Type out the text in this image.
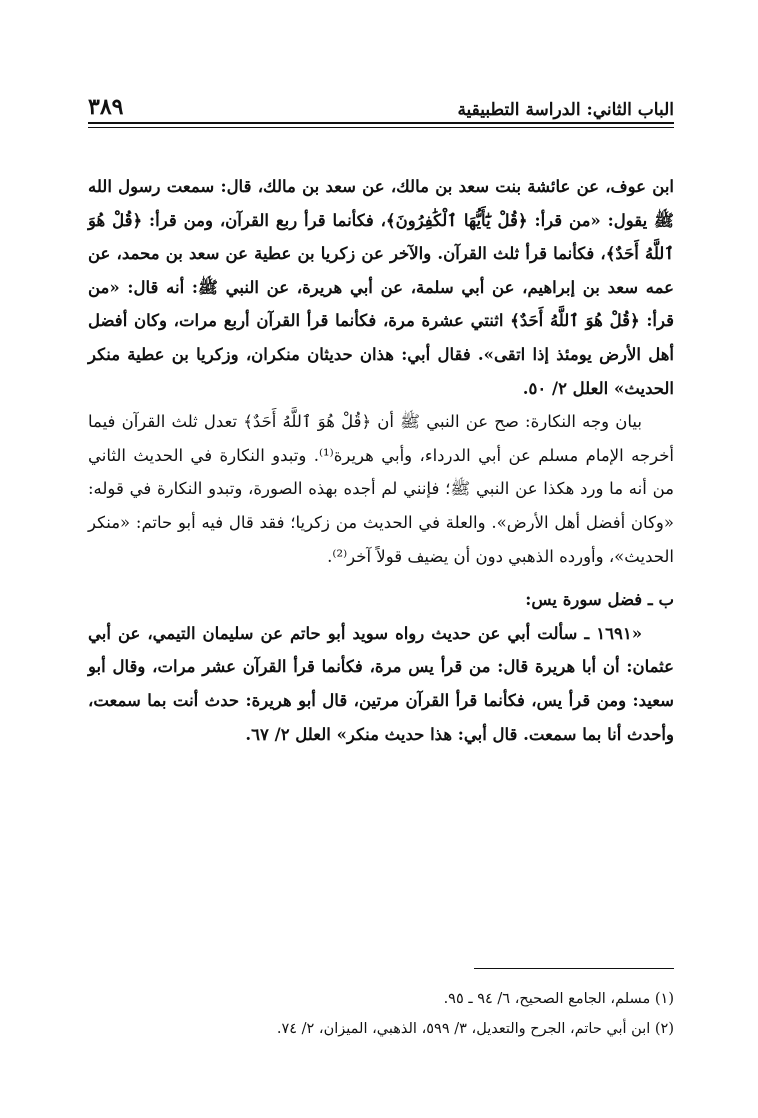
الباب الثاني: الدراسة التطبيقية
٣٨٩

ابن عوف، عن عائشة بنت سعد بن مالك، عن سعد بن مالك، قال: سمعت رسول الله ﷺ يقول: «من قرأ: ﴿قُلْ يَٰٓأَيُّهَا ٱلْكَٰفِرُونَ﴾، فكأنما قرأ ربع القرآن، ومن قرأ: ﴿قُلْ هُوَ ٱللَّهُ أَحَدٌ﴾، فكأنما قرأ ثلث القرآن. والآخر عن زكريا بن عطية عن سعد بن محمد، عن عمه سعد بن إبراهيم، عن أبي سلمة، عن أبي هريرة، عن النبي ﷺ: أنه قال: «من قرأ: ﴿قُلْ هُوَ ٱللَّهُ أَحَدٌ﴾ اثنتي عشرة مرة، فكأنما قرأ القرآن أربع مرات، وكان أفضل أهل الأرض يومئذ إذا اتقى». فقال أبي: هذان حديثان منكران، وزكريا بن عطية منكر الحديث» العلل ٢/ ٥٠.

بيان وجه النكارة: صح عن النبي ﷺ أن ﴿قُلْ هُوَ ٱللَّهُ أَحَدٌ﴾ تعدل ثلث القرآن فيما أخرجه الإمام مسلم عن أبي الدرداء، وأبي هريرة⁽¹⁾. وتبدو النكارة في الحديث الثاني من أنه ما ورد هكذا عن النبي ﷺ؛ فإنني لم أجده بهذه الصورة، وتبدو النكارة في قوله: «وكان أفضل أهل الأرض». والعلة في الحديث من زكريا؛ فقد قال فيه أبو حاتم: «منكر الحديث»، وأورده الذهبي دون أن يضيف قولاً آخر⁽²⁾.

ب ـ فضل سورة يس:

«١٦٩١ ـ سألت أبي عن حديث رواه سويد أبو حاتم عن سليمان التيمي، عن أبي عثمان: أن أبا هريرة قال: من قرأ يس مرة، فكأنما قرأ القرآن عشر مرات، وقال أبو سعيد: ومن قرأ يس، فكأنما قرأ القرآن مرتين، قال أبو هريرة: حدث أنت بما سمعت، وأحدث أنا بما سمعت. قال أبي: هذا حديث منكر» العلل ٢/ ٦٧.

(١) مسلم، الجامع الصحيح، ٦/ ٩٤ ـ ٩٥.

(٢) ابن أبي حاتم، الجرح والتعديل، ٣/ ٥٩٩، الذهبي، الميزان، ٢/ ٧٤.
